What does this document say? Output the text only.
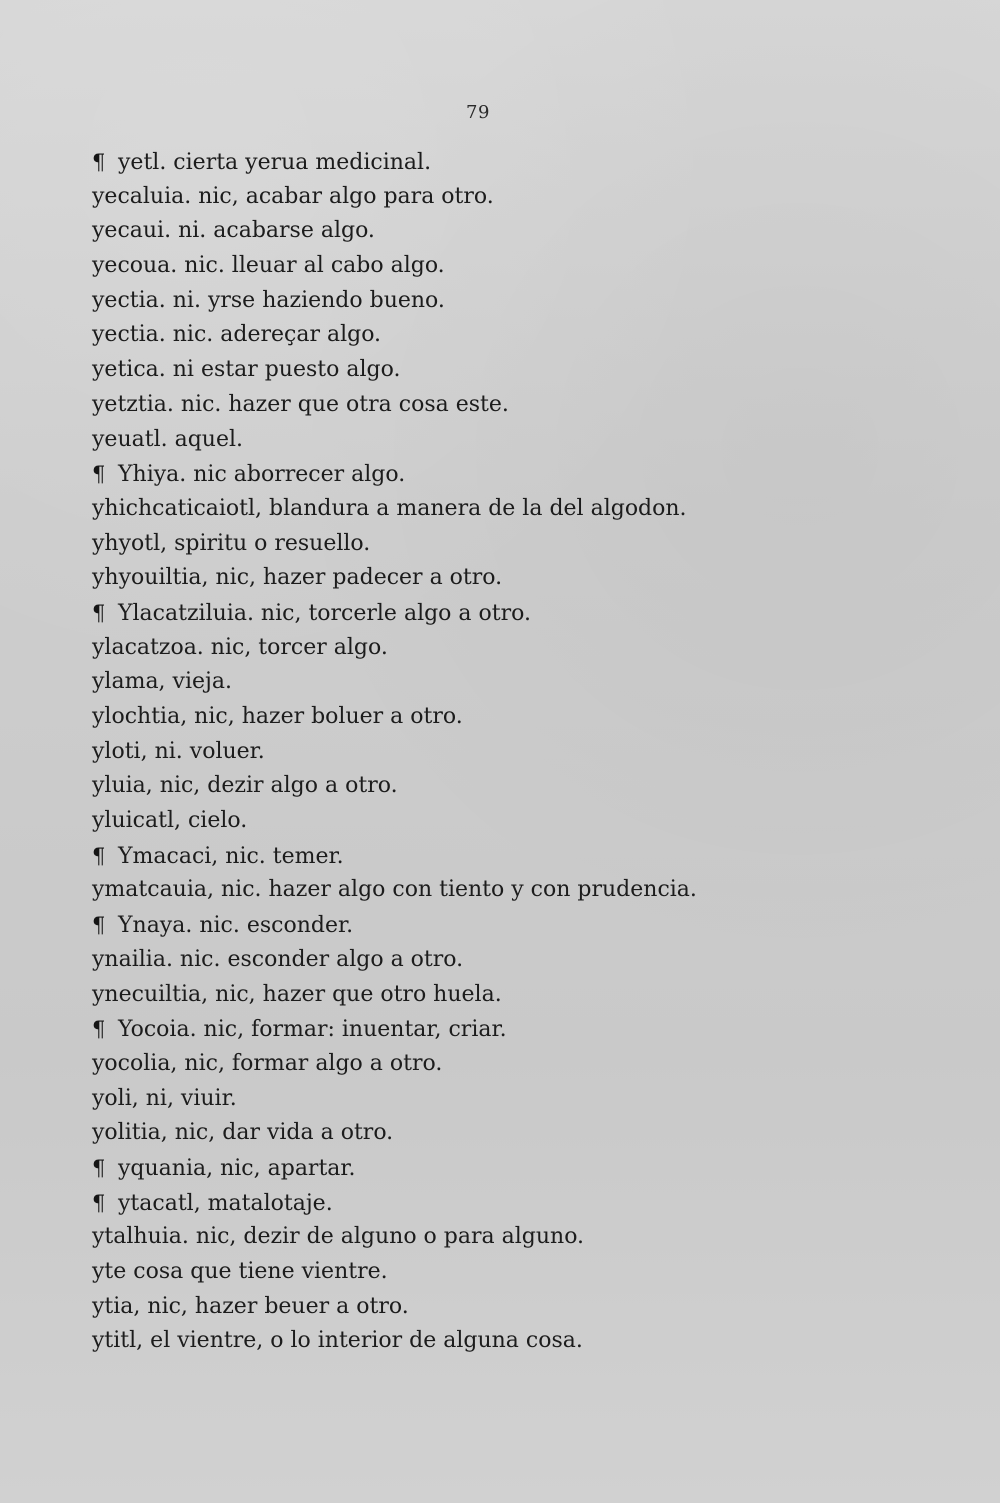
79
¶ yetl. cierta yerua medicinal.
yecaluia. nic, acabar algo para otro.
yecaui. ni. acabarse algo.
yecoua. nic. lleuar al cabo algo.
yectia. ni. yrse haziendo bueno.
yectia. nic. adereçar algo.
yetica. ni estar puesto algo.
yetztia. nic. hazer que otra cosa este.
yeuatl. aquel.
¶ Yhiya. nic aborrecer algo.
yhichcaticaiotl, blandura a manera de la del algodon.
yhyotl, spiritu o resuello.
yhyouiltia, nic, hazer padecer a otro.
¶ Ylacatziluia. nic, torcerle algo a otro.
ylacatzoa. nic, torcer algo.
ylama, vieja.
ylochtia, nic, hazer boluer a otro.
yloti, ni. voluer.
yluia, nic, dezir algo a otro.
yluicatl, cielo.
¶ Ymacaci, nic. temer.
ymatcauia, nic. hazer algo con tiento y con prudencia.
¶ Ynaya. nic. esconder.
ynailia. nic. esconder algo a otro.
ynecuiltia, nic, hazer que otro huela.
¶ Yocoia. nic, formar: inuentar, criar.
yocolia, nic, formar algo a otro.
yoli, ni, viuir.
yolitia, nic, dar vida a otro.
¶ yquania, nic, apartar.
¶ ytacatl, matalotaje.
ytalhuia. nic, dezir de alguno o para alguno.
yte cosa que tiene vientre.
ytia, nic, hazer beuer a otro.
ytitl, el vientre, o lo interior de alguna cosa.
